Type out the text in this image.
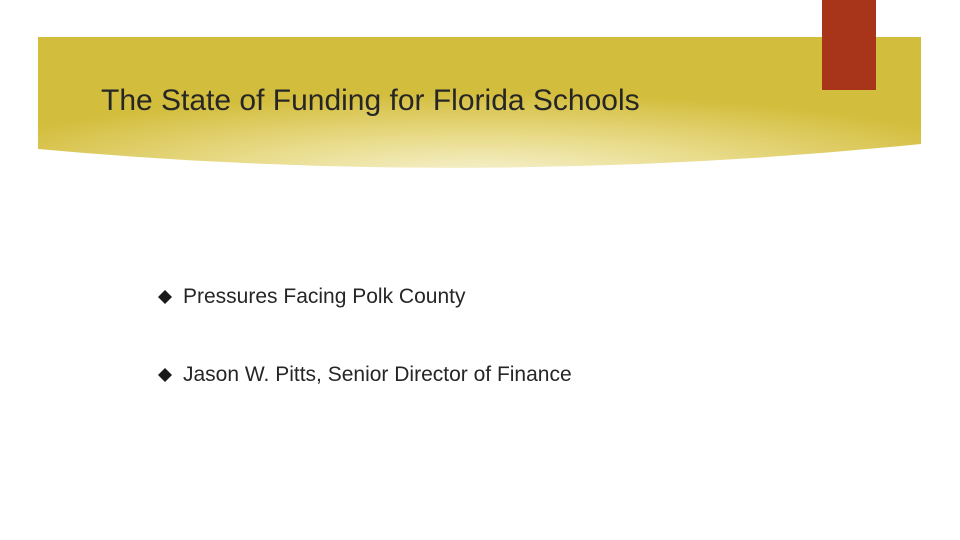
The State of Funding for Florida Schools
Pressures Facing Polk County
Jason W. Pitts, Senior Director of Finance
